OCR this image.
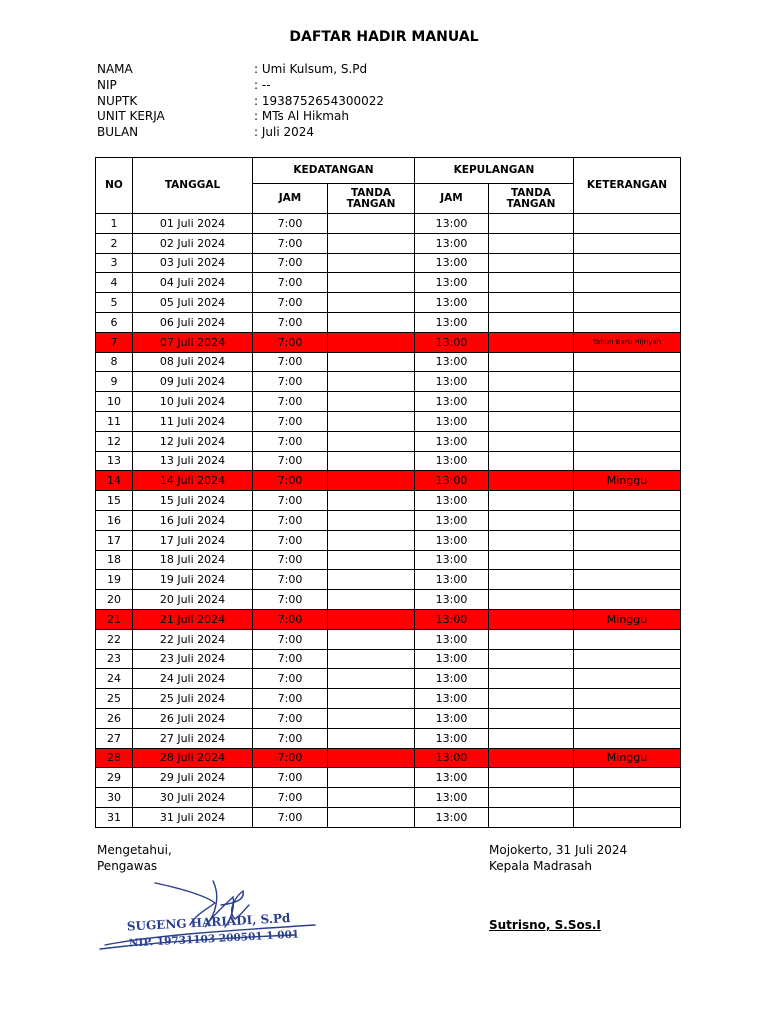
DAFTAR HADIR MANUAL
NAMA	: Umi Kulsum, S.Pd
NIP	: --
NUPTK	: 1938752654300022
UNIT KERJA	: MTs Al Hikmah
BULAN	: Juli 2024
NO	TANGGAL	KEDATANGAN		KEPULANGAN		KETERANGAN
		JAM	TANDA TANGAN	JAM	TANDA TANGAN	
1	01 Juli 2024	7:00		13:00		
2	02 Juli 2024	7:00		13:00		
3	03 Juli 2024	7:00		13:00		
4	04 Juli 2024	7:00		13:00		
5	05 Juli 2024	7:00		13:00		
6	06 Juli 2024	7:00		13:00		
7	07 Juli 2024	7:00		13:00		Tahun Baru Hijriyah
8	08 Juli 2024	7:00		13:00		
9	09 Juli 2024	7:00		13:00		
10	10 Juli 2024	7:00		13:00		
11	11 Juli 2024	7:00		13:00		
12	12 Juli 2024	7:00		13:00		
13	13 Juli 2024	7:00		13:00		
14	14 Juli 2024	7:00		13:00		Minggu
15	15 Juli 2024	7:00		13:00		
16	16 Juli 2024	7:00		13:00		
17	17 Juli 2024	7:00		13:00		
18	18 Juli 2024	7:00		13:00		
19	19 Juli 2024	7:00		13:00		
20	20 Juli 2024	7:00		13:00		
21	21 Juli 2024	7:00		13:00		Minggu
22	22 Juli 2024	7:00		13:00		
23	23 Juli 2024	7:00		13:00		
24	24 Juli 2024	7:00		13:00		
25	25 Juli 2024	7:00		13:00		
26	26 Juli 2024	7:00		13:00		
27	27 Juli 2024	7:00		13:00		
28	28 Juli 2024	7:00		13:00		Minggu
29	29 Juli 2024	7:00		13:00		
30	30 Juli 2024	7:00		13:00		
31	31 Juli 2024	7:00		13:00		
Mengetahui,
Pengawas
SUGENG HARIADI, S.Pd
NIP. 19731103 200501 1 001
Mojokerto, 31 Juli 2024
Kepala Madrasah
Sutrisno, S.Sos.I
